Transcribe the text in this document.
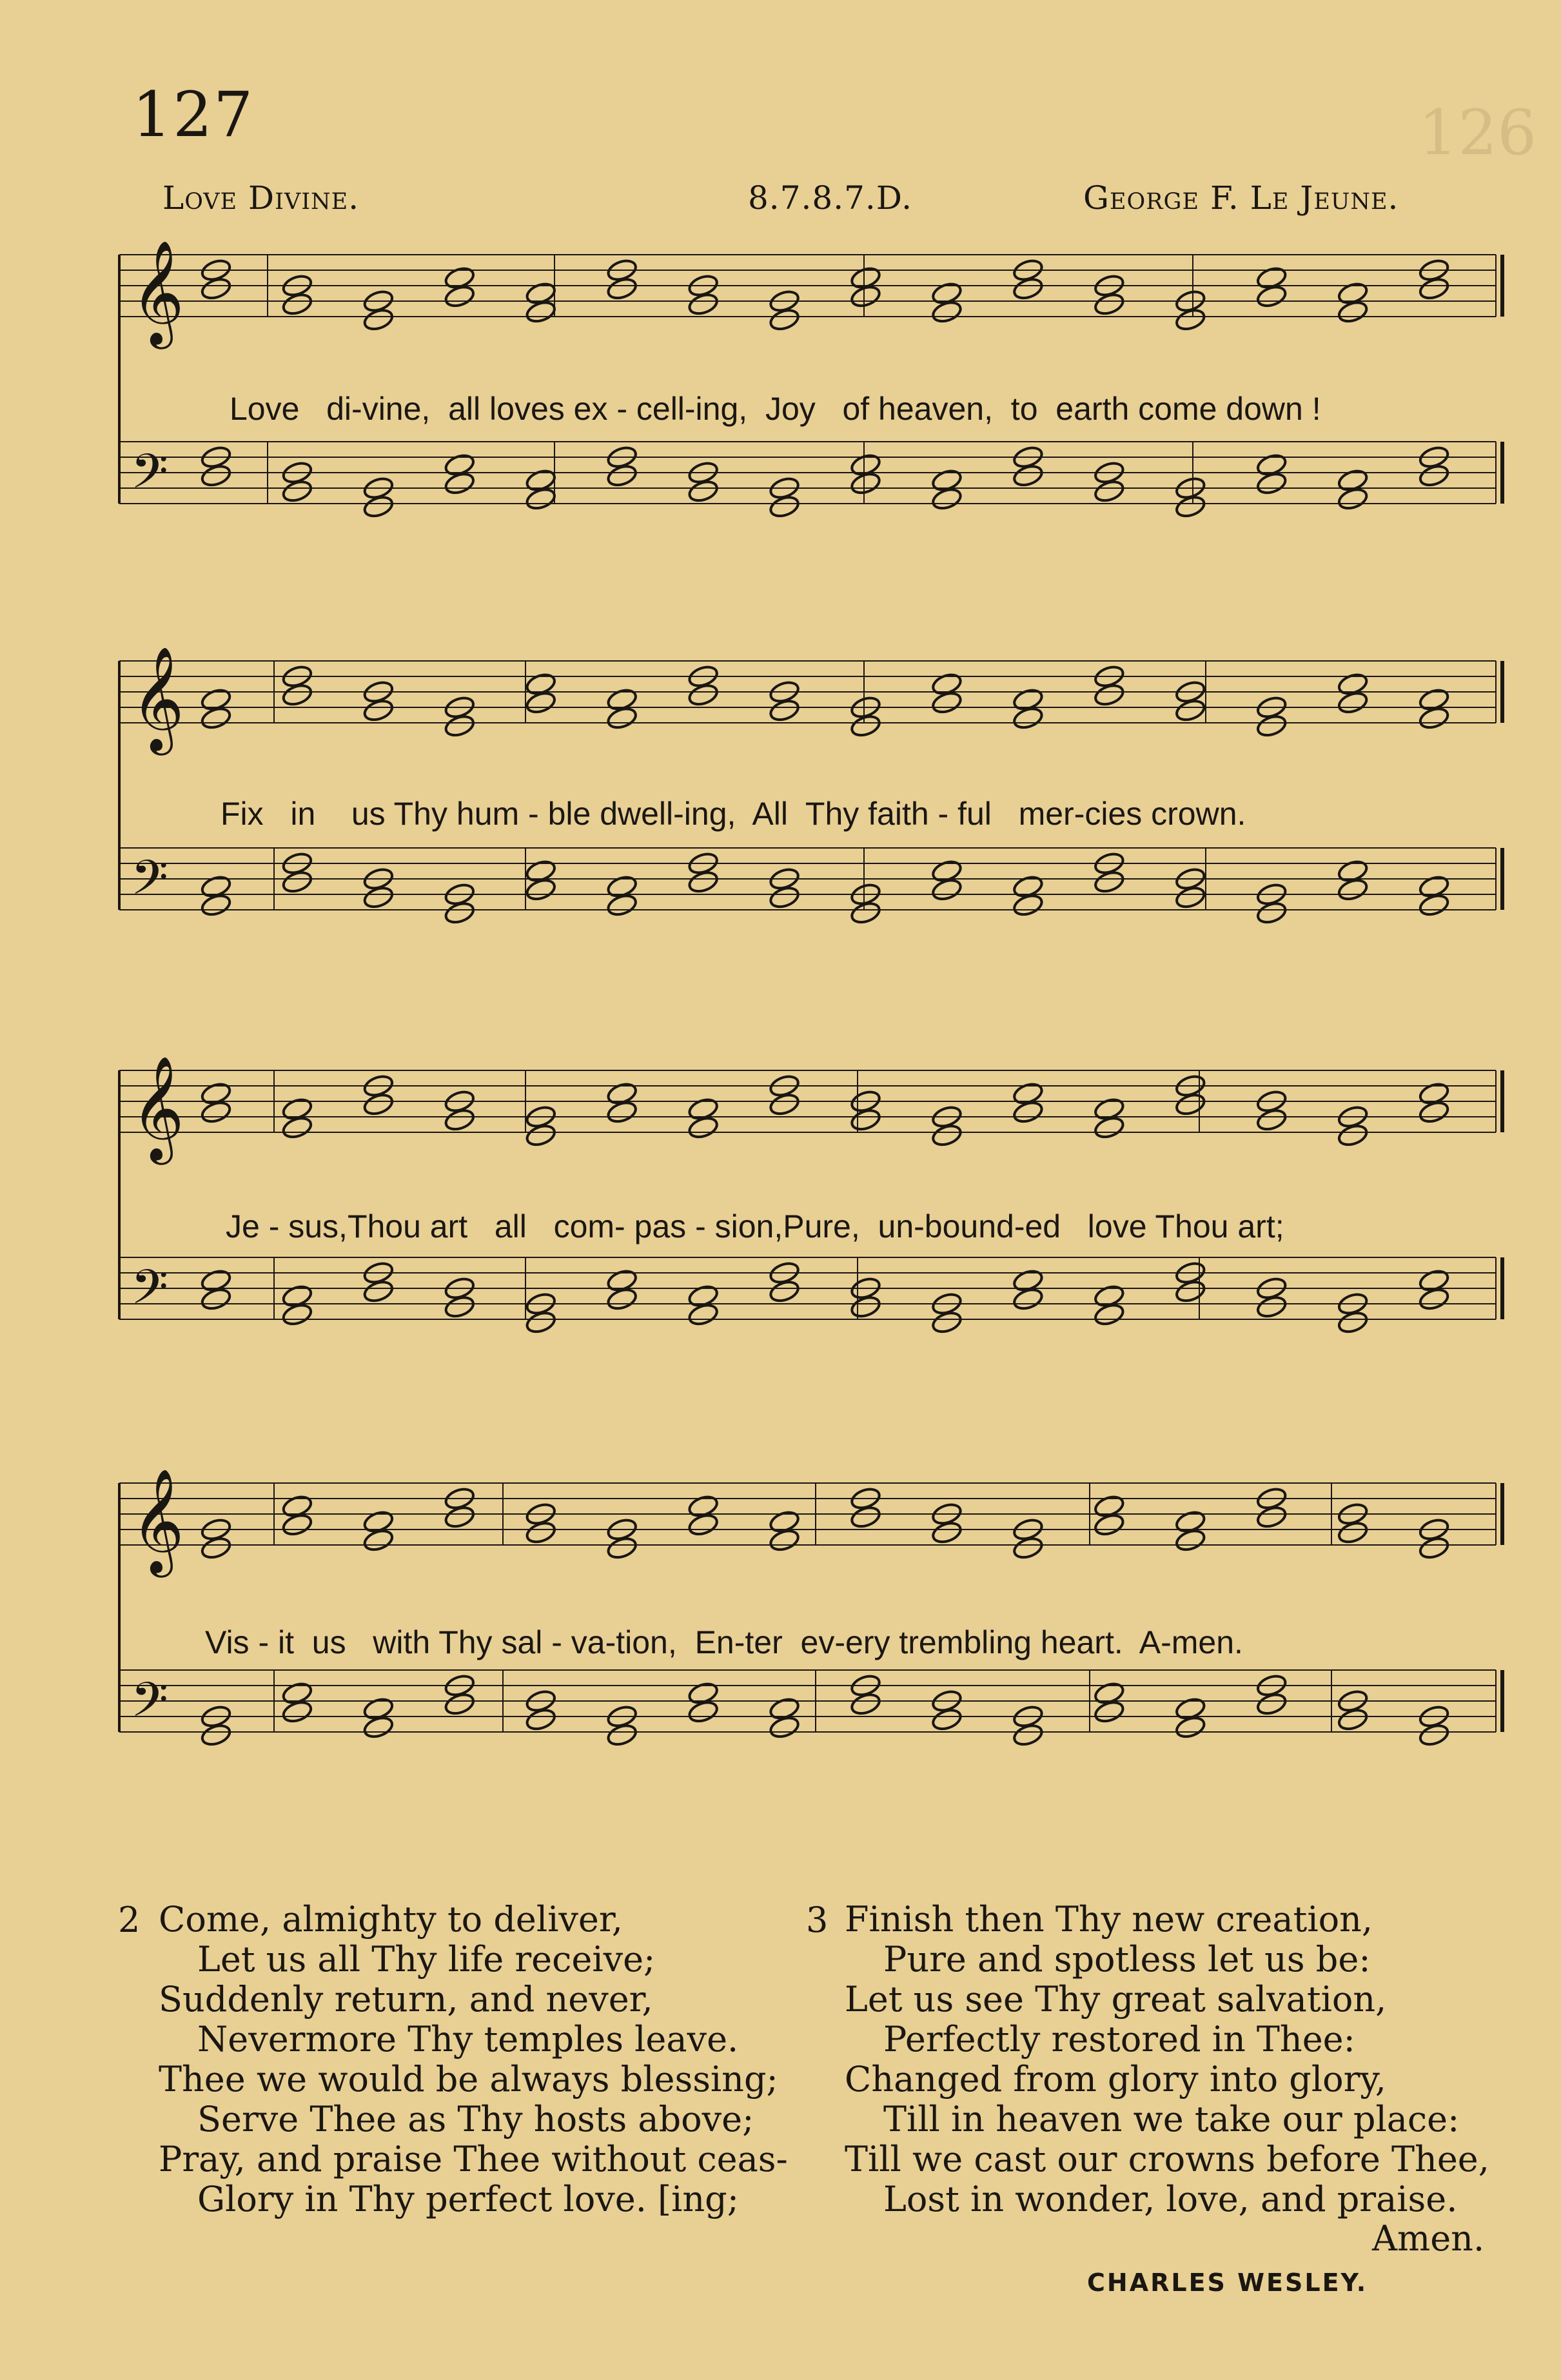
126
127
Love Divine.	8.7.8.7.D.	George F. Le Jeune.
𝄞
𝄢
𝄞
𝄢
𝄞
𝄢
𝄞
𝄢
Love di-vine, all loves ex - cell-ing, Joy of heaven, to earth come down !
Fix in us Thy hum - ble dwell-ing, All Thy faith - ful mer-cies crown.
Je - sus,Thou art all com- pas - sion,Pure, un-bound-ed love Thou art;
Vis - it us with Thy sal - va-tion, En-ter ev-ery trembling heart. A-men.
2 Come, almighty to deliver,
Let us all Thy life receive;
Suddenly return, and never,
Nevermore Thy temples leave.
Thee we would be always blessing;
Serve Thee as Thy hosts above;
Pray, and praise Thee without ceas-
Glory in Thy perfect love. [ing;
3 Finish then Thy new creation,
Pure and spotless let us be:
Let us see Thy great salvation,
Perfectly restored in Thee:
Changed from glory into glory,
Till in heaven we take our place:
Till we cast our crowns before Thee,
Lost in wonder, love, and praise.
Amen.
CHARLES WESLEY.
